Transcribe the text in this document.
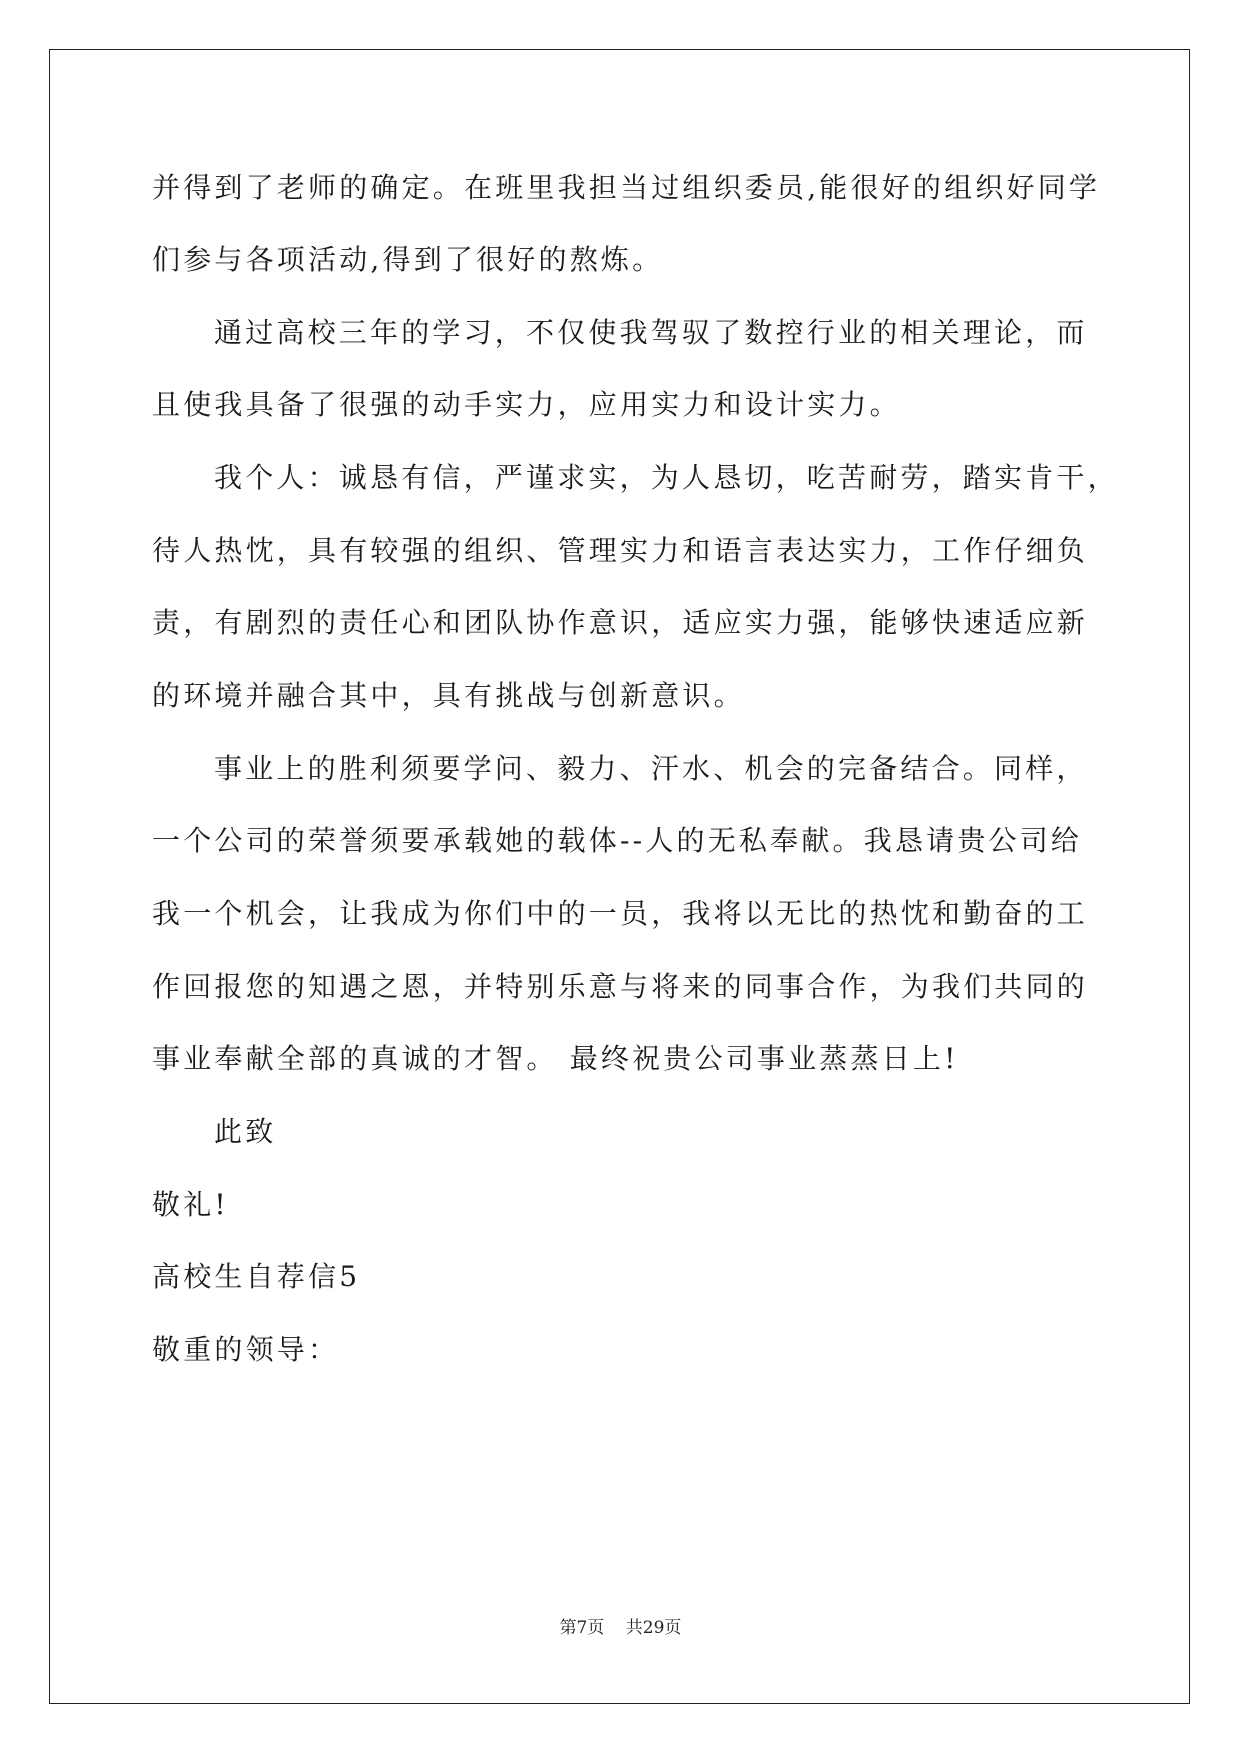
并得到了老师的确定。在班里我担当过组织委员,能很好的组织好同学
们参与各项活动,得到了很好的熬炼。
通过高校三年的学习，不仅使我驾驭了数控行业的相关理论，而
且使我具备了很强的动手实力，应用实力和设计实力。
我个人：诚恳有信，严谨求实，为人恳切，吃苦耐劳，踏实肯干，
待人热忱，具有较强的组织、管理实力和语言表达实力，工作仔细负
责，有剧烈的责任心和团队协作意识，适应实力强，能够快速适应新
的环境并融合其中，具有挑战与创新意识。
事业上的胜利须要学问、毅力、汗水、机会的完备结合。同样，
一个公司的荣誉须要承载她的载体--人的无私奉献。我恳请贵公司给
我一个机会，让我成为你们中的一员，我将以无比的热忱和勤奋的工
作回报您的知遇之恩，并特别乐意与将来的同事合作，为我们共同的
事业奉献全部的真诚的才智。 最终祝贵公司事业蒸蒸日上!
此致
敬礼!
高校生自荐信5
敬重的领导：
第7页 共29页
